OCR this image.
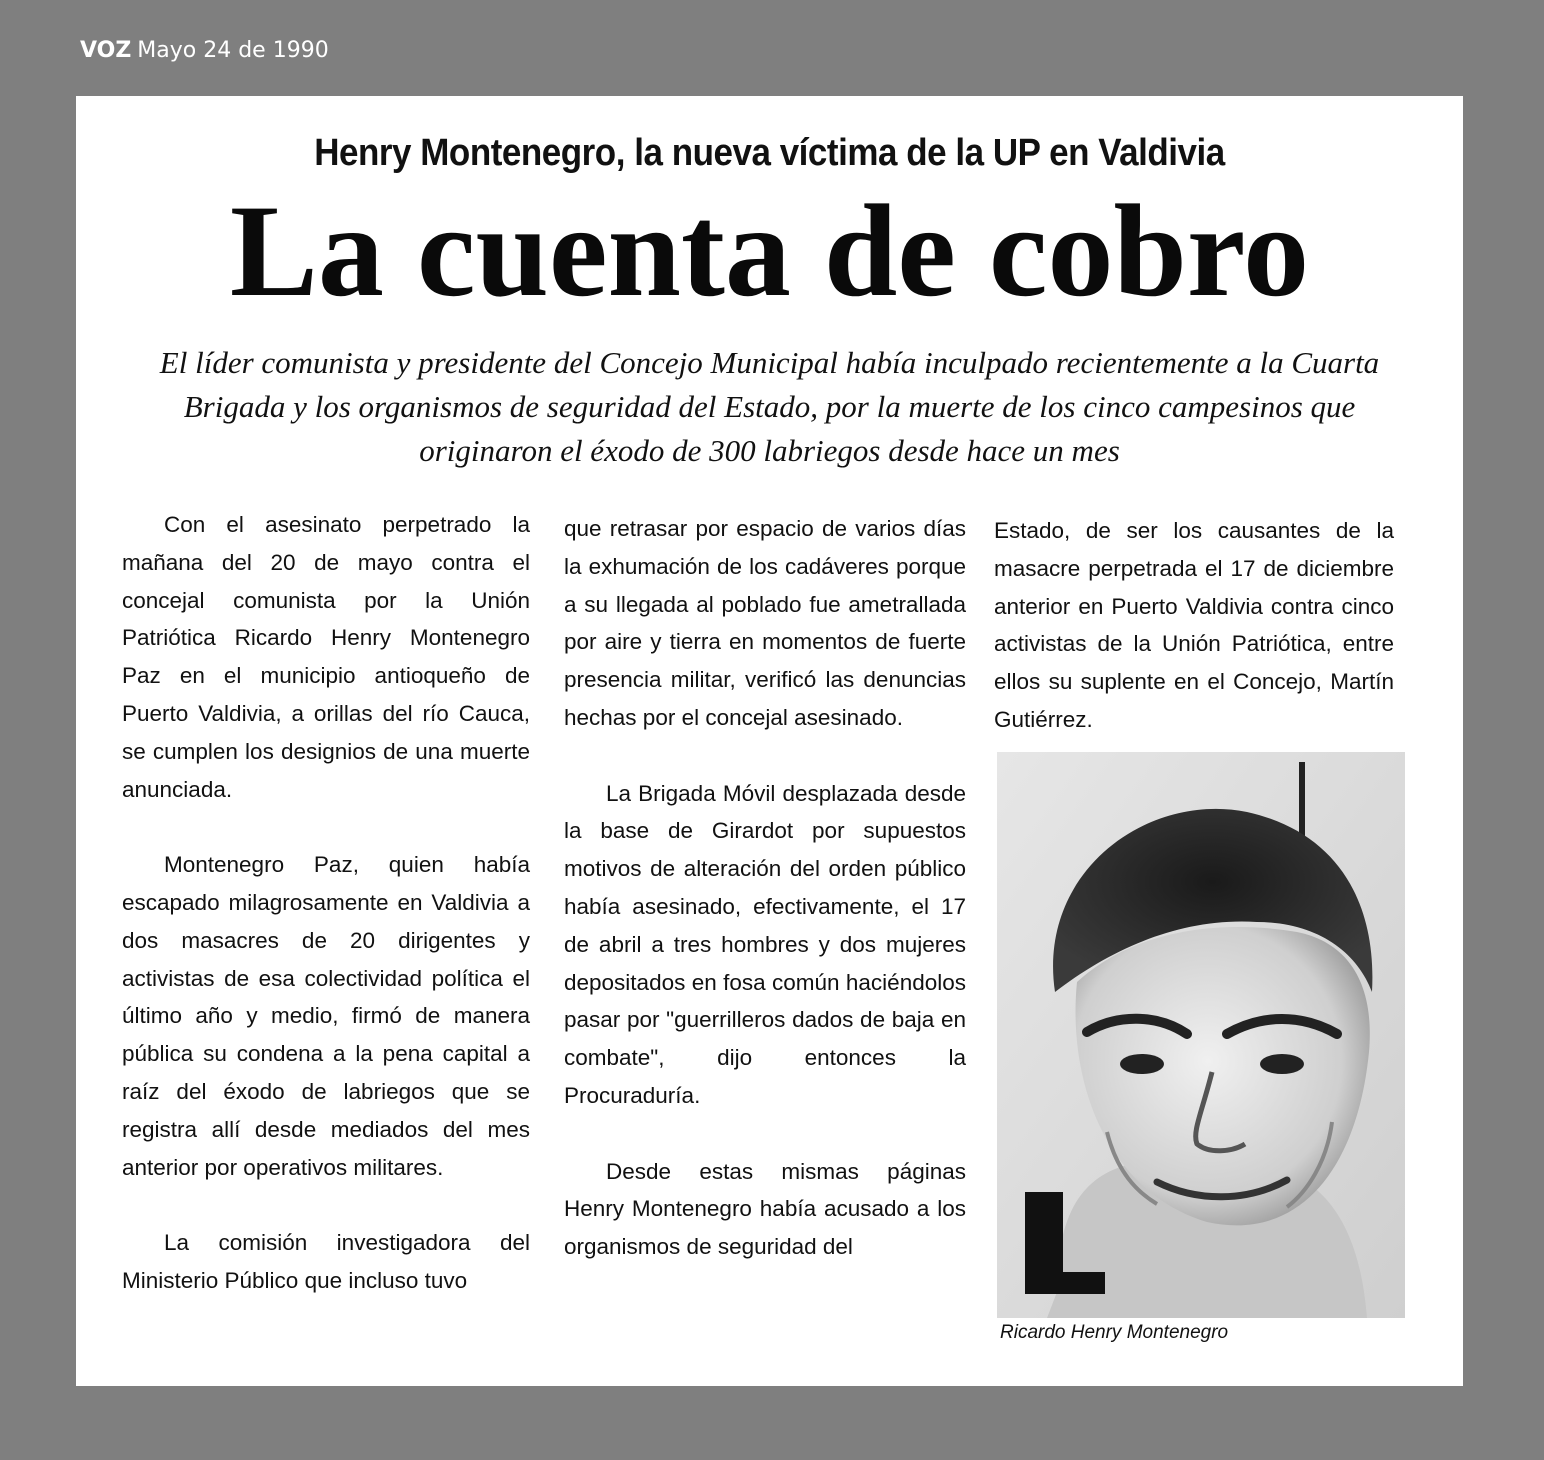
VOZ Mayo 24 de 1990
Henry Montenegro, la nueva víctima de la UP en Valdivia
La cuenta de cobro
El líder comunista y presidente del Concejo Municipal había inculpado recientemente a la Cuarta Brigada y los organismos de seguridad del Estado, por la muerte de los cinco campesinos que originaron el éxodo de 300 labriegos desde hace un mes

Con el asesinato perpetrado la mañana del 20 de mayo contra el concejal comunista por la Unión Patriótica Ricardo Henry Montenegro Paz en el municipio antioqueño de Puerto Valdivia, a orillas del río Cauca, se cumplen los designios de una muerte anunciada.

Montenegro Paz, quien había escapado milagrosamente en Valdivia a dos masacres de 20 dirigentes y activistas de esa colectividad política el último año y medio, firmó de manera pública su condena a la pena capital a raíz del éxodo de labriegos que se registra allí desde mediados del mes anterior por operativos militares.

La comisión investigadora del Ministerio Público que incluso tuvo

que retrasar por espacio de varios días la exhumación de los cadáveres porque a su llegada al poblado fue ametrallada por aire y tierra en momentos de fuerte presencia militar, verificó las denuncias hechas por el concejal asesinado.

La Brigada Móvil desplazada desde la base de Girardot por supuestos motivos de alteración del orden público había asesinado, efectivamente, el 17 de abril a tres hombres y dos mujeres depositados en fosa común haciéndolos pasar por "guerrilleros dados de baja en combate", dijo entonces la Procuraduría.

Desde estas mismas páginas Henry Montenegro había acusado a los organismos de seguridad del

Estado, de ser los causantes de la masacre perpetrada el 17 de diciembre anterior en Puerto Valdivia contra cinco activistas de la Unión Patriótica, entre ellos su suplente en el Concejo, Martín Gutiérrez.

Ricardo Henry Montenegro
